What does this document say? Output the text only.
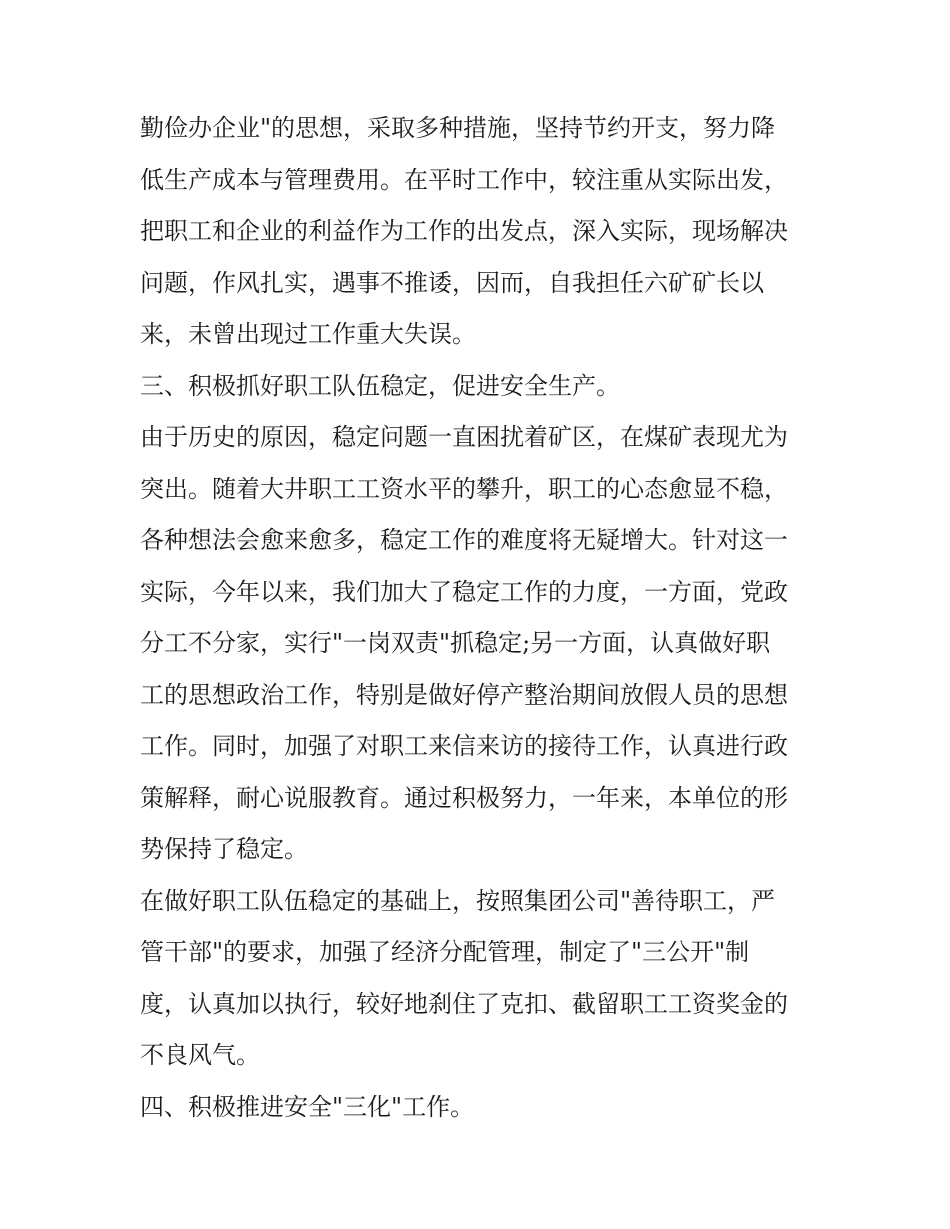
勤俭办企业"的思想，采取多种措施，坚持节约开支，努力降
低生产成本与管理费用。在平时工作中，较注重从实际出发，
把职工和企业的利益作为工作的出发点，深入实际，现场解决
问题，作风扎实，遇事不推诿，因而，自我担任六矿矿长以
来，未曾出现过工作重大失误。
三、积极抓好职工队伍稳定，促进安全生产。
由于历史的原因，稳定问题一直困扰着矿区，在煤矿表现尤为
突出。随着大井职工工资水平的攀升，职工的心态愈显不稳，
各种想法会愈来愈多，稳定工作的难度将无疑增大。针对这一
实际，今年以来，我们加大了稳定工作的力度，一方面，党政
分工不分家，实行"一岗双责"抓稳定;另一方面，认真做好职
工的思想政治工作，特别是做好停产整治期间放假人员的思想
工作。同时，加强了对职工来信来访的接待工作，认真进行政
策解释，耐心说服教育。通过积极努力，一年来，本单位的形
势保持了稳定。
在做好职工队伍稳定的基础上，按照集团公司"善待职工，严
管干部"的要求，加强了经济分配管理，制定了"三公开"制
度，认真加以执行，较好地刹住了克扣、截留职工工资奖金的
不良风气。
四、积极推进安全"三化"工作。
